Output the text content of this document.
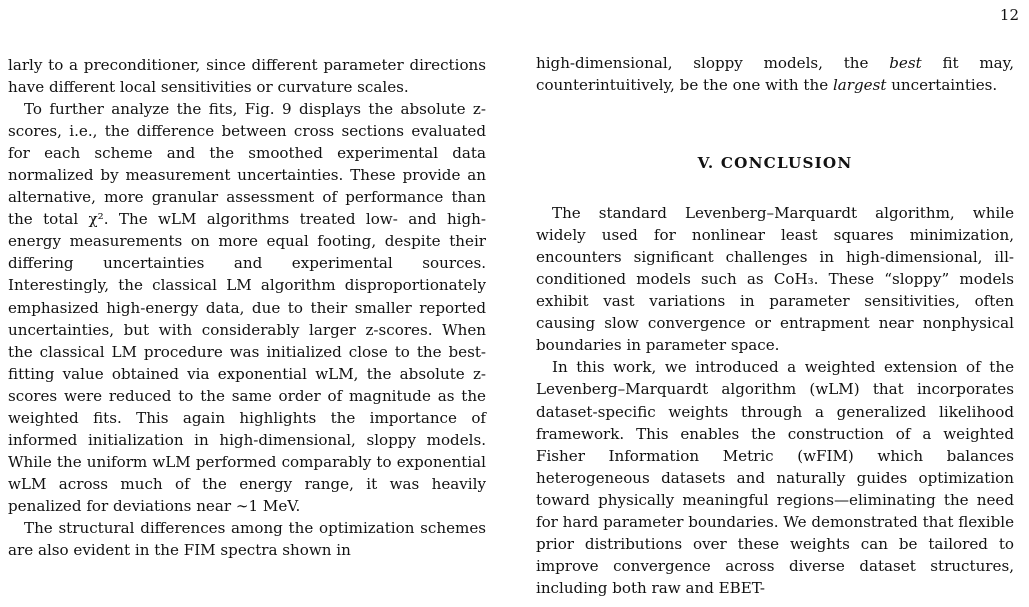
12

larly to a preconditioner, since different parameter directions have different local sensitivities or curvature scales.

To further analyze the fits, Fig. 9 displays the absolute z-scores, i.e., the difference between cross sections evaluated for each scheme and the smoothed experimental data normalized by measurement uncertainties. These provide an alternative, more granular assessment of performance than the total χ². The wLM algorithms treated low- and high-energy measurements on more equal footing, despite their differing uncertainties and experimental sources. Interestingly, the classical LM algorithm disproportionately emphasized high-energy data, due to their smaller reported uncertainties, but with considerably larger z-scores. When the classical LM procedure was initialized close to the best-fitting value obtained via exponential wLM, the absolute z-scores were reduced to the same order of magnitude as the weighted fits. This again highlights the importance of informed initialization in high-dimensional, sloppy models. While the uniform wLM performed comparably to exponential wLM across much of the energy range, it was heavily penalized for deviations near ∼1 MeV.

The structural differences among the optimization schemes are also evident in the FIM spectra shown in

high-dimensional, sloppy models, the best fit may, counterintuitively, be the one with the largest uncertainties.

V. CONCLUSION

The standard Levenberg–Marquardt algorithm, while widely used for nonlinear least squares minimization, encounters significant challenges in high-dimensional, ill-conditioned models such as CoH₃. These “sloppy” models exhibit vast variations in parameter sensitivities, often causing slow convergence or entrapment near nonphysical boundaries in parameter space.

In this work, we introduced a weighted extension of the Levenberg–Marquardt algorithm (wLM) that incorporates dataset-specific weights through a generalized likelihood framework. This enables the construction of a weighted Fisher Information Metric (wFIM) which balances heterogeneous datasets and naturally guides optimization toward physically meaningful regions—eliminating the need for hard parameter boundaries. We demonstrated that flexible prior distributions over these weights can be tailored to improve convergence across diverse dataset structures, including both raw and EBET-
